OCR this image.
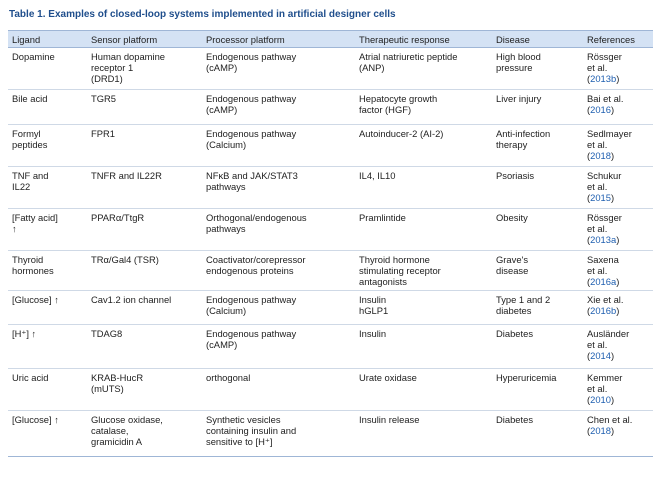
Table 1. Examples of closed-loop systems implemented in artificial designer cells
Ligand	Sensor platform	Processor platform	Therapeutic response	Disease	References
Dopamine	Human dopamine
receptor 1
(DRD1)	Endogenous pathway
(cAMP)	Atrial natriuretic peptide
(ANP)	High blood
pressure	Rössger
et al.
(2013b)
Bile acid	TGR5	Endogenous pathway
(cAMP)	Hepatocyte growth
factor (HGF)	Liver injury	Bai et al.
(2016)
Formyl
peptides	FPR1	Endogenous pathway
(Calcium)	Autoinducer-2 (AI-2)	Anti-infection
therapy	Sedlmayer
et al.
(2018)
TNF and
IL22	TNFR and IL22R	NFκB and JAK/STAT3
pathways	IL4, IL10	Psoriasis	Schukur
et al.
(2015)
[Fatty acid]
↑	PPARα/TtgR	Orthogonal/endogenous
pathways	Pramlintide	Obesity	Rössger
et al.
(2013a)
Thyroid
hormones	TRα/Gal4 (TSR)	Coactivator/corepressor
endogenous proteins	Thyroid hormone
stimulating receptor
antagonists	Grave's
disease	Saxena
et al.
(2016a)
[Glucose] ↑	Cav1.2 ion channel	Endogenous pathway
(Calcium)	Insulin
hGLP1	Type 1 and 2
diabetes	Xie et al.
(2016b)
[H⁺] ↑	TDAG8	Endogenous pathway
(cAMP)	Insulin	Diabetes	Ausländer
et al.
(2014)
Uric acid	KRAB-HucR
(mUTS)	orthogonal	Urate oxidase	Hyperuricemia	Kemmer
et al.
(2010)
[Glucose] ↑	Glucose oxidase,
catalase,
gramicidin A	Synthetic vesicles
containing insulin and
sensitive to [H⁺]	Insulin release	Diabetes	Chen et al.
(2018)
